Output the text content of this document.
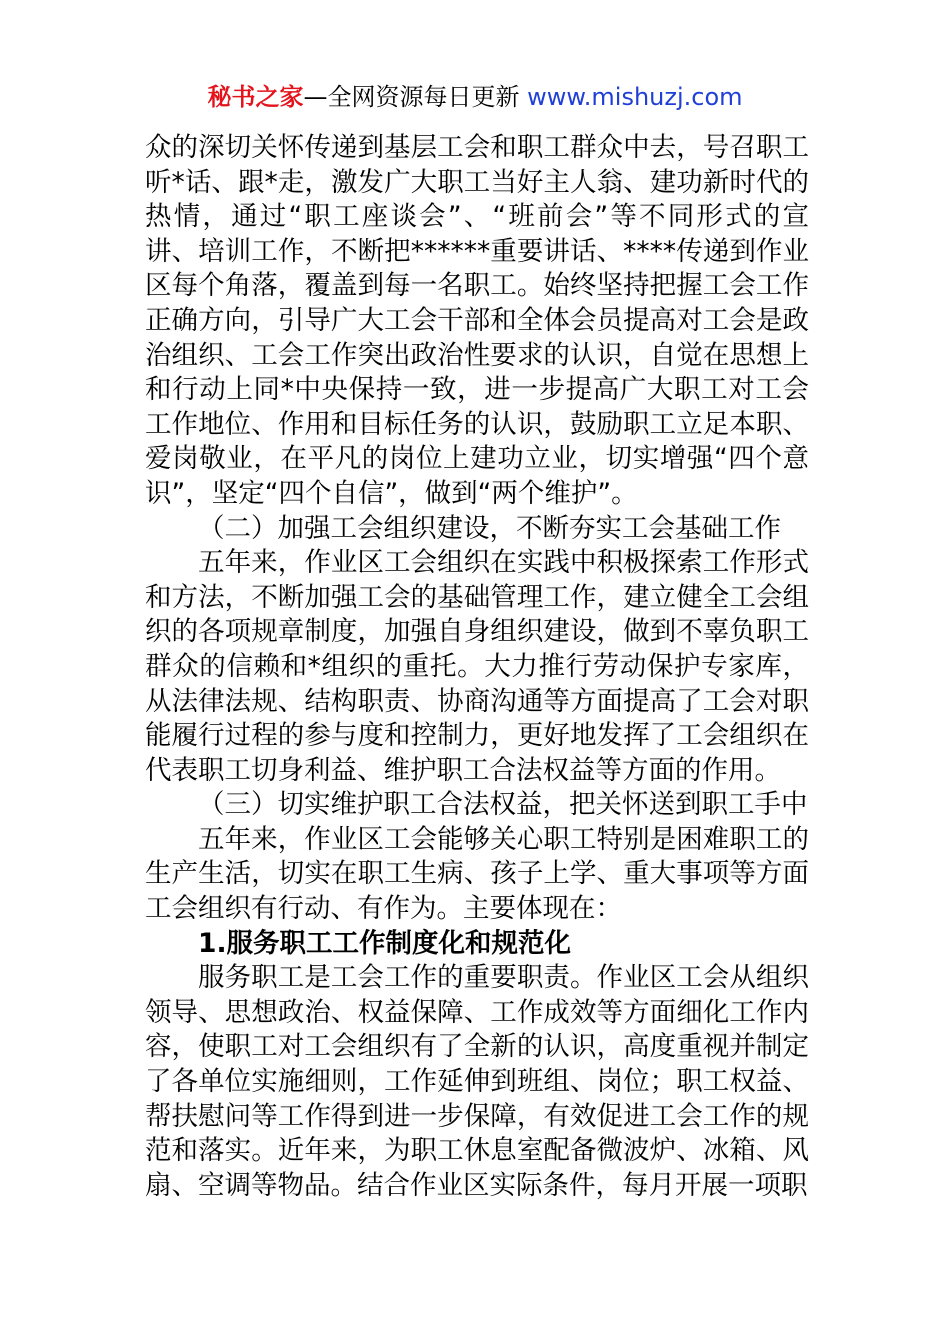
秘书之家—全网资源每日更新 www.mishuzj.com

众的深切关怀传递到基层工会和职工群众中去，号召职工听*话、跟*走，激发广大职工当好主人翁、建功新时代的热情，通过“职工座谈会”、“班前会”等不同形式的宣讲、培训工作，不断把******重要讲话、****传递到作业区每个角落，覆盖到每一名职工。始终坚持把握工会工作正确方向，引导广大工会干部和全体会员提高对工会是政治组织、工会工作突出政治性要求的认识，自觉在思想上和行动上同*中央保持一致，进一步提高广大职工对工会工作地位、作用和目标任务的认识，鼓励职工立足本职、爱岗敬业，在平凡的岗位上建功立业，切实增强“四个意识”，坚定“四个自信”，做到“两个维护”。

（二）加强工会组织建设，不断夯实工会基础工作

五年来，作业区工会组织在实践中积极探索工作形式和方法，不断加强工会的基础管理工作，建立健全工会组织的各项规章制度，加强自身组织建设，做到不辜负职工群众的信赖和*组织的重托。大力推行劳动保护专家库，从法律法规、结构职责、协商沟通等方面提高了工会对职能履行过程的参与度和控制力，更好地发挥了工会组织在代表职工切身利益、维护职工合法权益等方面的作用。

（三）切实维护职工合法权益，把关怀送到职工手中

五年来，作业区工会能够关心职工特别是困难职工的生产生活，切实在职工生病、孩子上学、重大事项等方面工会组织有行动、有作为。主要体现在：

1.服务职工工作制度化和规范化

服务职工是工会工作的重要职责。作业区工会从组织领导、思想政治、权益保障、工作成效等方面细化工作内容，使职工对工会组织有了全新的认识，高度重视并制定了各单位实施细则，工作延伸到班组、岗位；职工权益、帮扶慰问等工作得到进一步保障，有效促进工会工作的规范和落实。近年来，为职工休息室配备微波炉、冰箱、风扇、空调等物品。结合作业区实际条件，每月开展一项职
